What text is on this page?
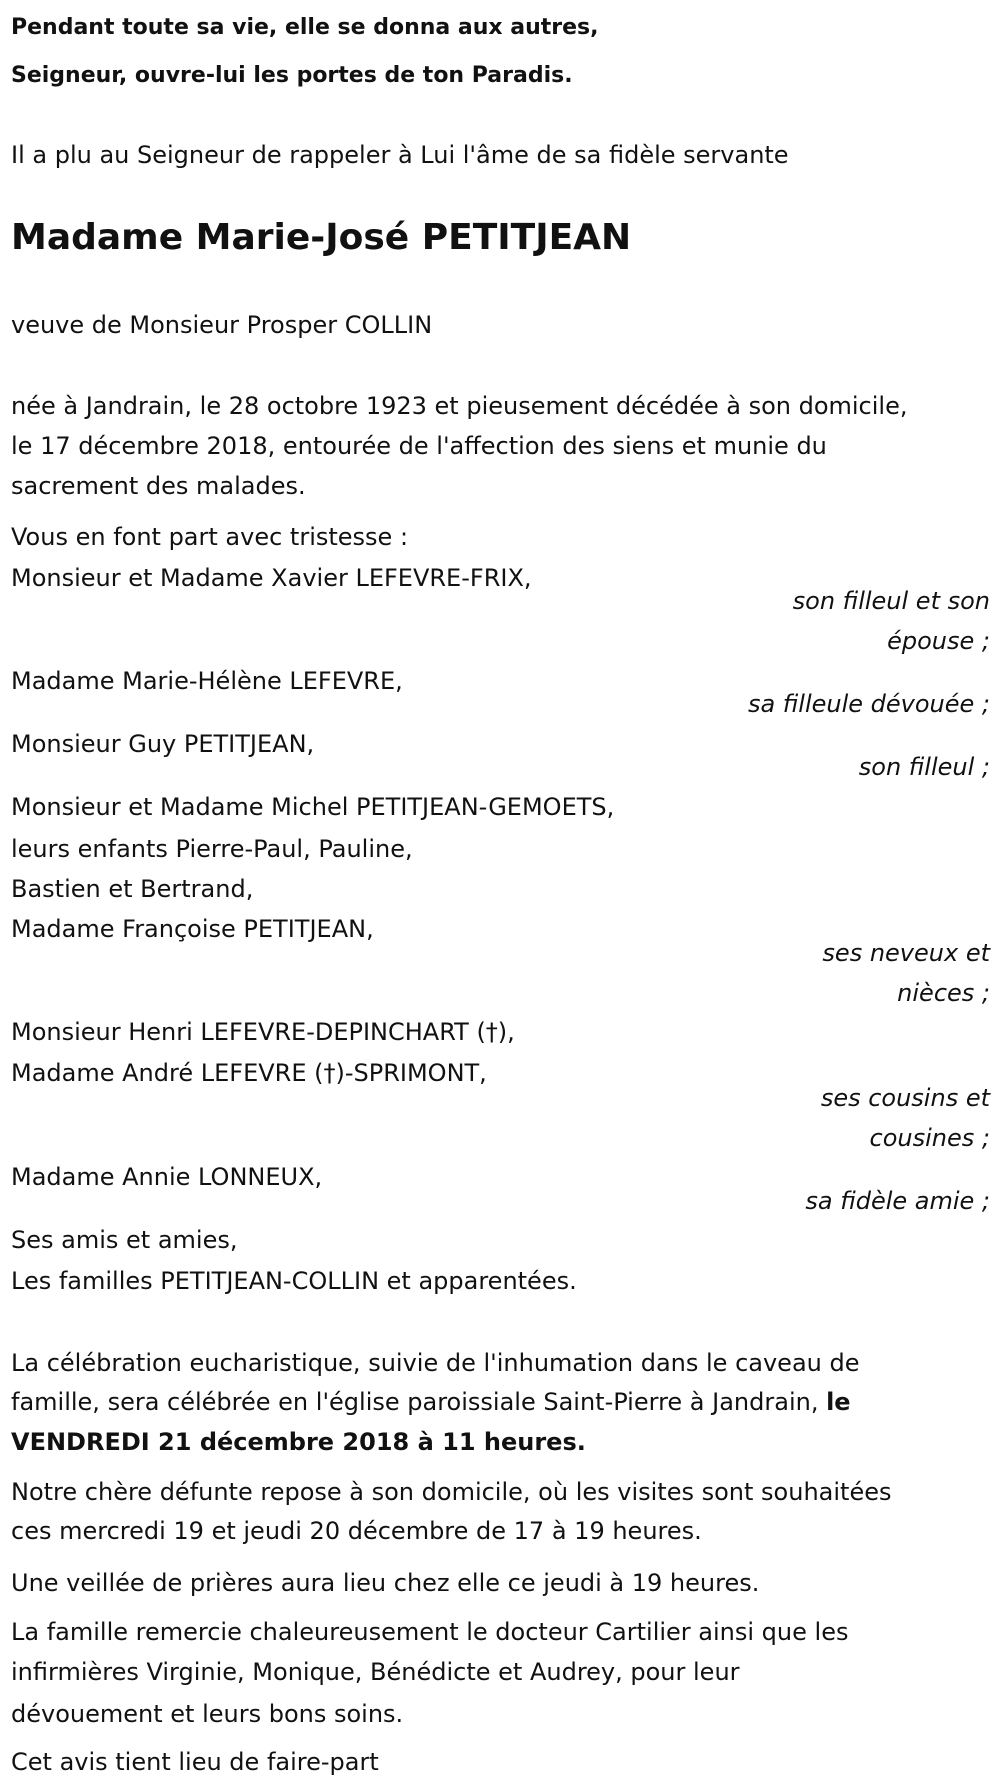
Pendant toute sa vie, elle se donna aux autres,
Seigneur, ouvre-lui les portes de ton Paradis.
Il a plu au Seigneur de rappeler à Lui l'âme de sa fidèle servante
Madame Marie-José PETITJEAN
veuve de Monsieur Prosper COLLIN
née à Jandrain, le 28 octobre 1923 et pieusement décédée à son domicile,
le 17 décembre 2018, entourée de l'affection des siens et munie du
sacrement des malades.
Vous en font part avec tristesse :
Monsieur et Madame Xavier LEFEVRE-FRIX,
son filleul et son
épouse ;
Madame Marie-Hélène LEFEVRE,
sa filleule dévouée ;
Monsieur Guy PETITJEAN,
son filleul ;
Monsieur et Madame Michel PETITJEAN-GEMOETS,
leurs enfants Pierre-Paul, Pauline,
Bastien et Bertrand,
Madame Françoise PETITJEAN,
ses neveux et
nièces ;
Monsieur Henri LEFEVRE-DEPINCHART (†),
Madame André LEFEVRE (†)-SPRIMONT,
ses cousins et
cousines ;
Madame Annie LONNEUX,
sa fidèle amie ;
Ses amis et amies,
Les familles PETITJEAN-COLLIN et apparentées.
La célébration eucharistique, suivie de l'inhumation dans le caveau de
famille, sera célébrée en l'église paroissiale Saint-Pierre à Jandrain, le
VENDREDI 21 décembre 2018 à 11 heures.
Notre chère défunte repose à son domicile, où les visites sont souhaitées
ces mercredi 19 et jeudi 20 décembre de 17 à 19 heures.
Une veillée de prières aura lieu chez elle ce jeudi à 19 heures.
La famille remercie chaleureusement le docteur Cartilier ainsi que les
infirmières Virginie, Monique, Bénédicte et Audrey, pour leur
dévouement et leurs bons soins.
Cet avis tient lieu de faire-part
